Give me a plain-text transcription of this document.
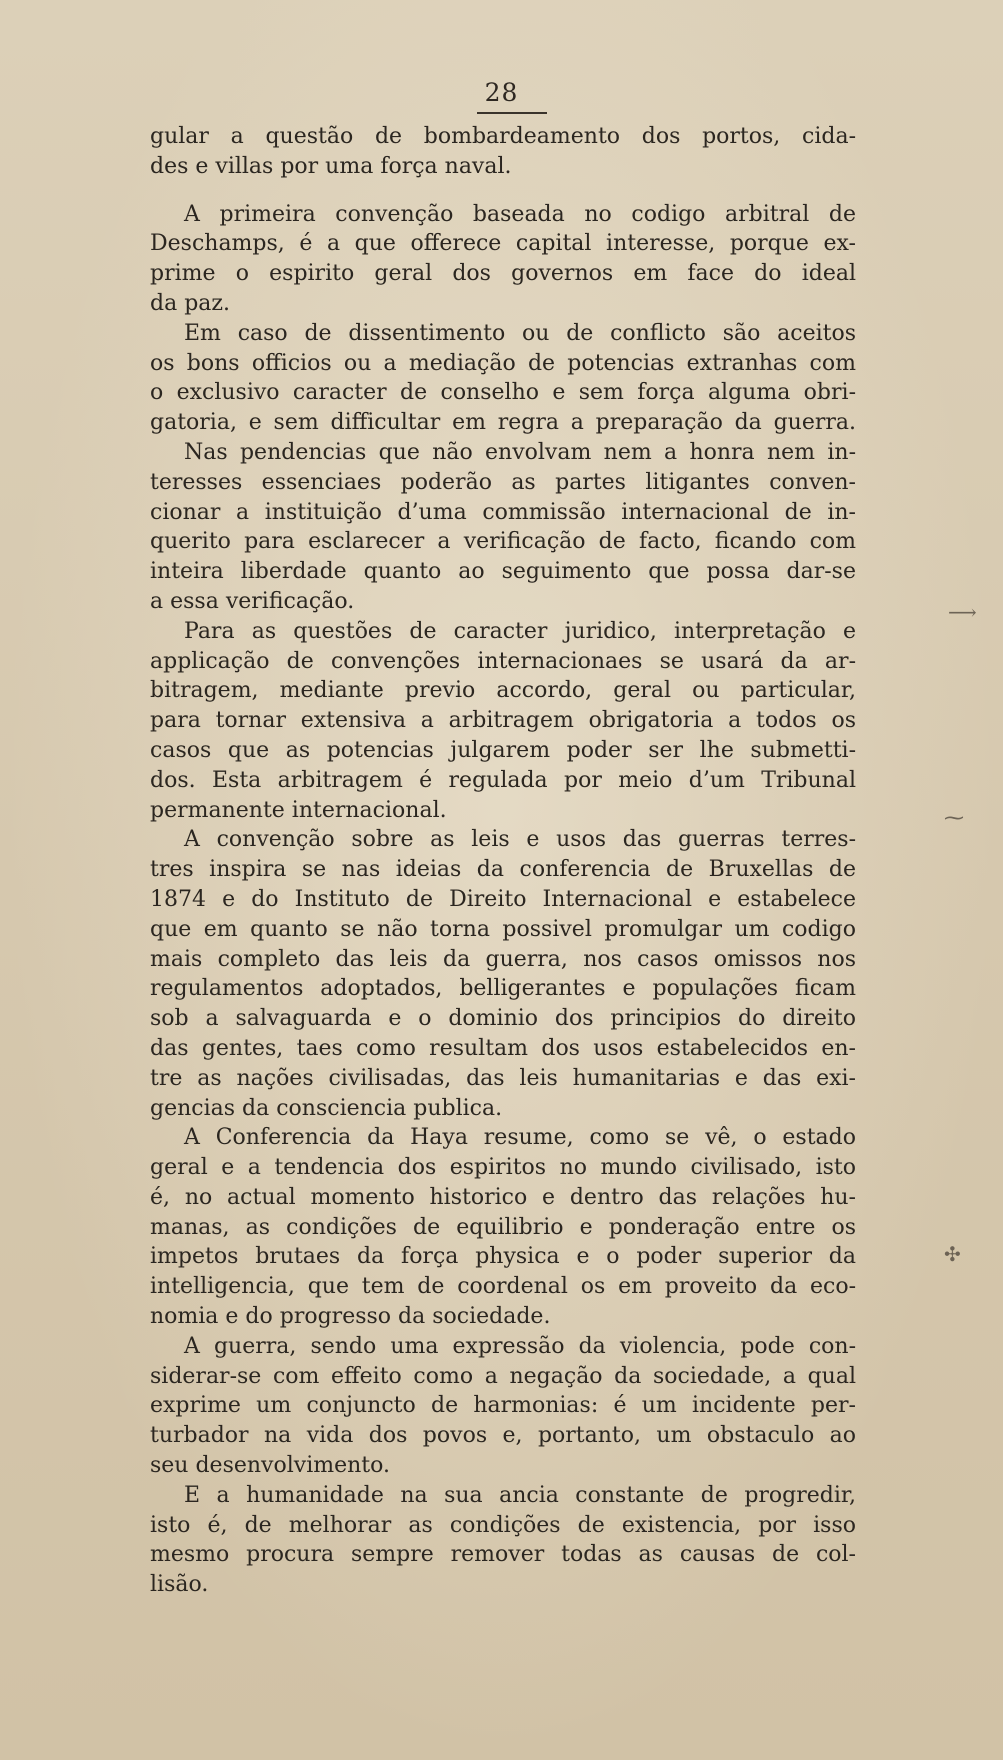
28
gular a questão de bombardeamento dos portos, cida-
des e villas por uma força naval.
A primeira convenção baseada no codigo arbitral de
Deschamps, é a que offerece capital interesse, porque ex-
prime o espirito geral dos governos em face do ideal
da paz.
Em caso de dissentimento ou de conflicto são aceitos
os bons officios ou a mediação de potencias extranhas com
o exclusivo caracter de conselho e sem força alguma obri-
gatoria, e sem difficultar em regra a preparação da guerra.
Nas pendencias que não envolvam nem a honra nem in-
teresses essenciaes poderão as partes litigantes conven-
cionar a instituição d’uma commissão internacional de in-
querito para esclarecer a verificação de facto, ficando com
inteira liberdade quanto ao seguimento que possa dar-se
a essa verificação.
Para as questões de caracter juridico, interpretação e
applicação de convenções internacionaes se usará da ar-
bitragem, mediante previo accordo, geral ou particular,
para tornar extensiva a arbitragem obrigatoria a todos os
casos que as potencias julgarem poder ser lhe submetti-
dos. Esta arbitragem é regulada por meio d’um Tribunal
permanente internacional.
A convenção sobre as leis e usos das guerras terres-
tres inspira se nas ideias da conferencia de Bruxellas de
1874 e do Instituto de Direito Internacional e estabelece
que em quanto se não torna possivel promulgar um codigo
mais completo das leis da guerra, nos casos omissos nos
regulamentos adoptados, belligerantes e populações ficam
sob a salvaguarda e o dominio dos principios do direito
das gentes, taes como resultam dos usos estabelecidos en-
tre as nações civilisadas, das leis humanitarias e das exi-
gencias da consciencia publica.
A Conferencia da Haya resume, como se vê, o estado
geral e a tendencia dos espiritos no mundo civilisado, isto
é, no actual momento historico e dentro das relações hu-
manas, as condições de equilibrio e ponderação entre os
impetos brutaes da força physica e o poder superior da
intelligencia, que tem de coordenal os em proveito da eco-
nomia e do progresso da sociedade.
A guerra, sendo uma expressão da violencia, pode con-
siderar-se com effeito como a negação da sociedade, a qual
exprime um conjuncto de harmonias: é um incidente per-
turbador na vida dos povos e, portanto, um obstaculo ao
seu desenvolvimento.
E a humanidade na sua ancia constante de progredir,
isto é, de melhorar as condições de existencia, por isso
mesmo procura sempre remover todas as causas de col-
lisão.
⟶
⁓
✣
